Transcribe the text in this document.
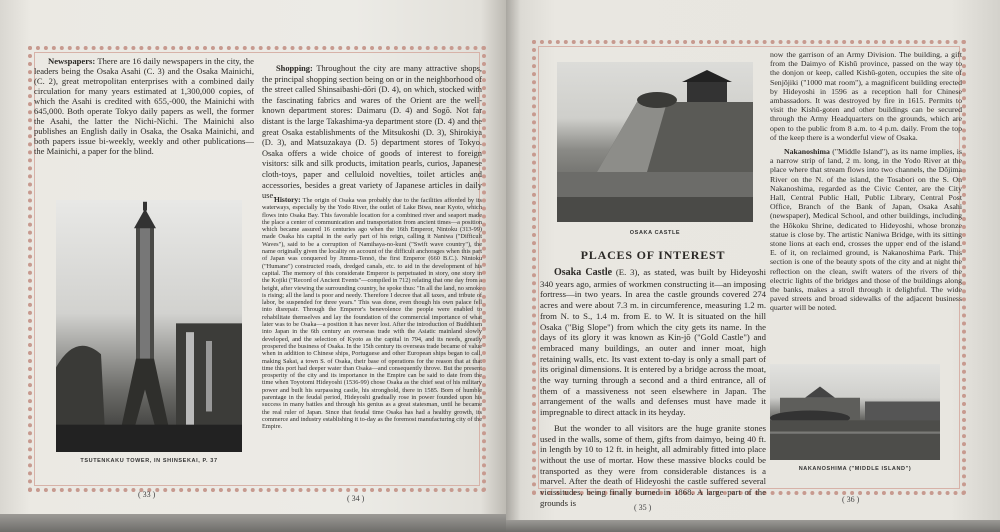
Newspapers: There are 16 daily newspapers in the city, the leaders being the Osaka Asahi (C. 3) and the Osaka Mainichi, (C. 2), great metropolitan enterprises with a combined daily circulation for many years estimated at 1,300,000 copies, of which the Asahi is credited with 655,-000, the Mainichi with 645,000. Both operate Tokyo daily papers as well, the former the Asahi, the latter the Nichi-Nichi. The Mainichi also publishes an English daily in Osaka, the Osaka Mainichi, and both papers issue bi-weekly, weekly and other publications—the Mainichi, a paper for the blind.

TSUTENKAKU TOWER, IN SHINSEKAI, P. 37
( 33 )

Shopping: Throughout the city are many attractive shops, the principal shopping section being on or in the neighborhood of the street called Shinsaibashi-dōri (D. 4), on which, stocked with the fascinating fabrics and wares of the Orient are the well-known department stores: Daimaru (D. 4) and Sogō. Not far distant is the large Takashima-ya department store (D. 4) and the great Osaka establishments of the Mitsukoshi (D. 3), Shirokiya (D. 3), and Matsuzakaya (D. 5) department stores of Tokyo. Osaka offers a wide choice of goods of interest to foreign visitors: silk and silk products, imitation pearls, curios, Japanese cloth-toys, paper and celluloid novelties, toilet articles and accessories, besides a great variety of Japanese articles in daily use.

History: The origin of Osaka was probably due to the facilities afforded by its waterways, especially by the Yodo River, the outlet of Lake Biwa, near Kyoto, which flows into Osaka Bay. This favorable location for a combined river and seaport made the place a center of communication and transportation from ancient times—a position which became assured 16 centuries ago when the 16th Emperor, Nintoku (313-99) made Osaka his capital in the early part of his reign, calling it Naniwa ("Difficult Waves"), said to be a corruption of Namihaya-no-kuni ("Swift wave country"), the name originally given the locality on account of the difficult anchorages when this part of Japan was conquered by Jimmu-Tennō, the first Emperor (660 B.C.). Nintoku ("Humane") constructed roads, dredged canals, etc. to aid in the development of his capital. The memory of this considerate Emperor is perpetuated in story, one story in the Kojiki ("Record of Ancient Events"—compiled in 712) relating that one day from a height, after viewing the surrounding country, he spoke thus: "In all the land, no smoke is rising; all the land is poor and needy. Therefore I decree that all taxes, and tribute of labor, be suspended for three years." This was done, even though his own palace fell into disrepair. Through the Emperor's benevolence the people were enabled to rehabilitate themselves and lay the foundation of the commercial importance of what later was to be Osaka—a position it has never lost. After the introduction of Buddhism into Japan in the 6th century an overseas trade with the Asiatic mainland slowly developed, and the selection of Kyoto as the capital in 794, and its needs, greatly prospered the business of Osaka. In the 15th century its overseas trade became of value when in addition to Chinese ships, Portuguese and other European ships began to call, making Sakai, a town S. of Osaka, their base of operations for the reason that at that time this port had deeper water than Osaka—and consequently throve. But the present prosperity of the city and its importance in the Empire can be said to date from the time when Toyotomi Hideyoshi (1536-99) chose Osaka as the chief seat of his military power and built his surpassing castle, his stronghold, there in 1585. Born of humble parentage in the feudal period, Hideyoshi gradually rose in power founded upon his success in many battles and through his genius as a great statesman, until he became the real ruler of Japan. Since that feudal time Osaka has had a healthy growth, its commerce and industry establishing it to-day as the foremost manufacturing city of the Empire.

( 34 )
OSAKA CASTLE
PLACES OF INTEREST

Osaka Castle (E. 3), as stated, was built by Hideyoshi 340 years ago, armies of workmen constructing it—an imposing fortress—in two years. In area the castle grounds covered 274 acres and were about 7.3 m. in circumference, measuring 1.2 m. from N. to S., 1.4 m. from E. to W. It is situated on the hill Osaka ("Big Slope") from which the city gets its name. In the days of its glory it was known as Kin-jō ("Gold Castle") and embraced many buildings, an outer and inner moat, high retaining walls, etc. Its vast extent to-day is only a small part of its original dimensions. It is entered by a bridge across the moat, the way turning through a second and a third entrance, all of them of a massiveness not seen elsewhere in Japan. The arrangement of the walls and defenses must have made it impregnable to direct attack in its heyday.

But the wonder to all visitors are the huge granite stones used in the walls, some of them, gifts from daimyo, being 40 ft. in length by 10 to 12 ft. in height, all admirably fitted into place without the use of mortar. How these massive blocks could be transported as they were from considerable distances is a marvel. After the death of Hideyoshi the castle suffered several vicissitudes, being finally burned in 1868. A large part of the grounds is	( 35 )

now the garrison of an Army Division. The building, a gift from the Daimyo of Kishū province, passed on the way to the donjon or keep, called Kishū-goten, occupies the site of Senjōjiki ("1000 mat room"), a magnificent building erected by Hideyoshi in 1596 as a reception hall for Chinese ambassadors. It was destroyed by fire in 1615. Permits to visit the Kishū-goten and other buildings can be secured through the Army Headquarters on the grounds, which are open to the public from 8 a.m. to 4 p.m. daily. From the top of the keep there is a wonderful view of Osaka.

Nakanoshima ("Middle Island"), as its name implies, is a narrow strip of land, 2 m. long, in the Yodo River at the place where that stream flows into two channels, the Dōjima River on the N. of the island, the Tosabori on the S. On Nakanoshima, regarded as the Civic Center, are the City Hall, Central Public Hall, Public Library, Central Post Office, Branch of the Bank of Japan, Osaka Asahi (newspaper), Medical School, and other buildings, including the Hōkoku Shrine, dedicated to Hideyoshi, whose bronze statue is close by. The artistic Naniwa Bridge, with its sitting stone lions at each end, crosses the upper end of the island. E. of it, on reclaimed ground, is Nakanoshima Park. This section is one of the beauty spots of the city and at night the reflection on the clean, swift waters of the rivers of the electric lights of the bridges and those of the buildings along the banks, makes a stroll through it delightful. The wide paved streets and broad sidewalks of the adjacent business quarter will be noted.

NAKANOSHIMA ("MIDDLE ISLAND")
( 36 )
